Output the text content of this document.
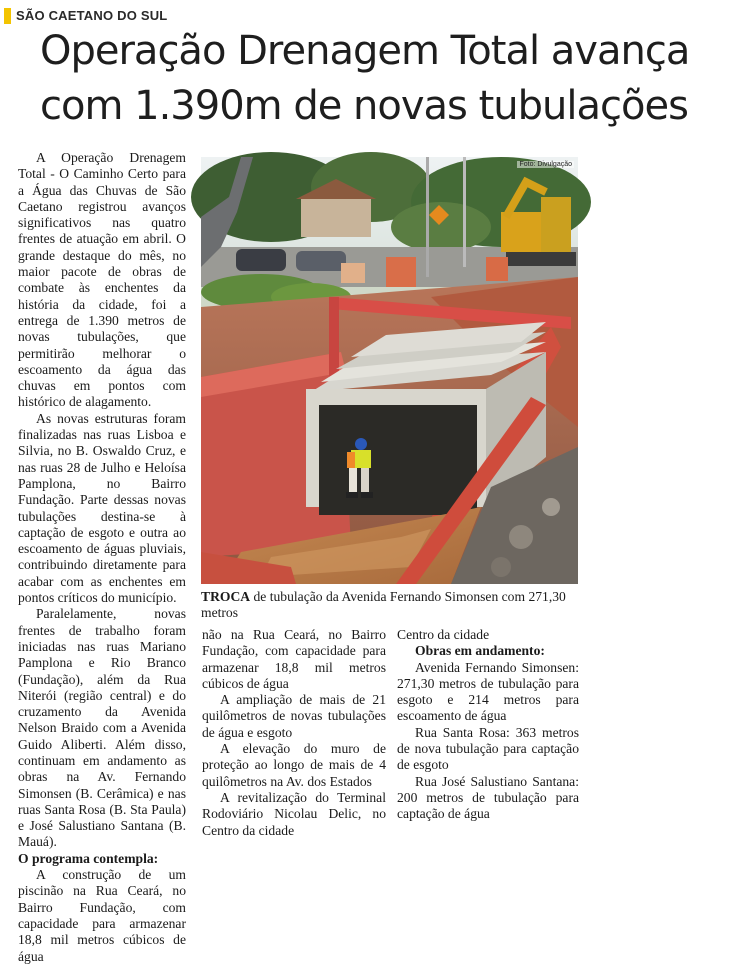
SÃO CAETANO DO SUL
Operação Drenagem Total avança
com 1.390m de novas tubulações

A Operação Drenagem Total - O Caminho Certo para a Água das Chuvas de São Caetano registrou avanços significativos nas quatro frentes de atuação em abril. O grande destaque do mês, no maior pacote de obras de combate às enchentes da história da cidade, foi a entrega de 1.390 metros de novas tubulações, que permitirão melhorar o escoamento da água das chuvas em pontos com histórico de alagamento.

As novas estruturas foram finalizadas nas ruas Lisboa e Silvia, no B. Oswaldo Cruz, e nas ruas 28 de Julho e Heloísa Pamplona, no Bairro Fundação. Parte dessas novas tubulações destina-se à captação de esgoto e outra ao escoamento de águas pluviais, contribuindo diretamente para acabar com as enchentes em pontos críticos do município.

Paralelamente, novas frentes de trabalho foram iniciadas nas ruas Mariano Pamplona e Rio Branco (Fundação), além da Rua Niterói (região central) e do cruzamento da Avenida Nelson Braido com a Avenida Guido Aliberti. Além disso, continuam em andamento as obras na Av. Fernando Simonsen (B. Cerâmica) e nas ruas Santa Rosa (B. Sta Paula) e José Salustiano Santana (B. Mauá).

O programa contempla:

A construção de um piscinão na Rua Ceará, no Bairro Fundação, com capacidade para armazenar 18,8 mil metros cúbicos de água

Foto: Divulgação
TROCA de tubulação da Avenida Fernando Simonsen com 271,30 metros

não na Rua Ceará, no Bairro Fundação, com capacidade para armazenar 18,8 mil metros cúbicos de água

A ampliação de mais de 21 quilômetros de novas tubulações de água e esgoto

A elevação do muro de proteção ao longo de mais de 4 quilômetros na Av. dos Estados

A revitalização do Terminal Rodoviário Nicolau Delic, no Centro da cidade

Centro da cidade

Obras em andamento:

Avenida Fernando Simonsen: 271,30 metros de tubulação para esgoto e 214 metros para escoamento de água

Rua Santa Rosa: 363 metros de nova tubulação para captação de esgoto

Rua José Salustiano Santana: 200 metros de tubulação para captação de água
